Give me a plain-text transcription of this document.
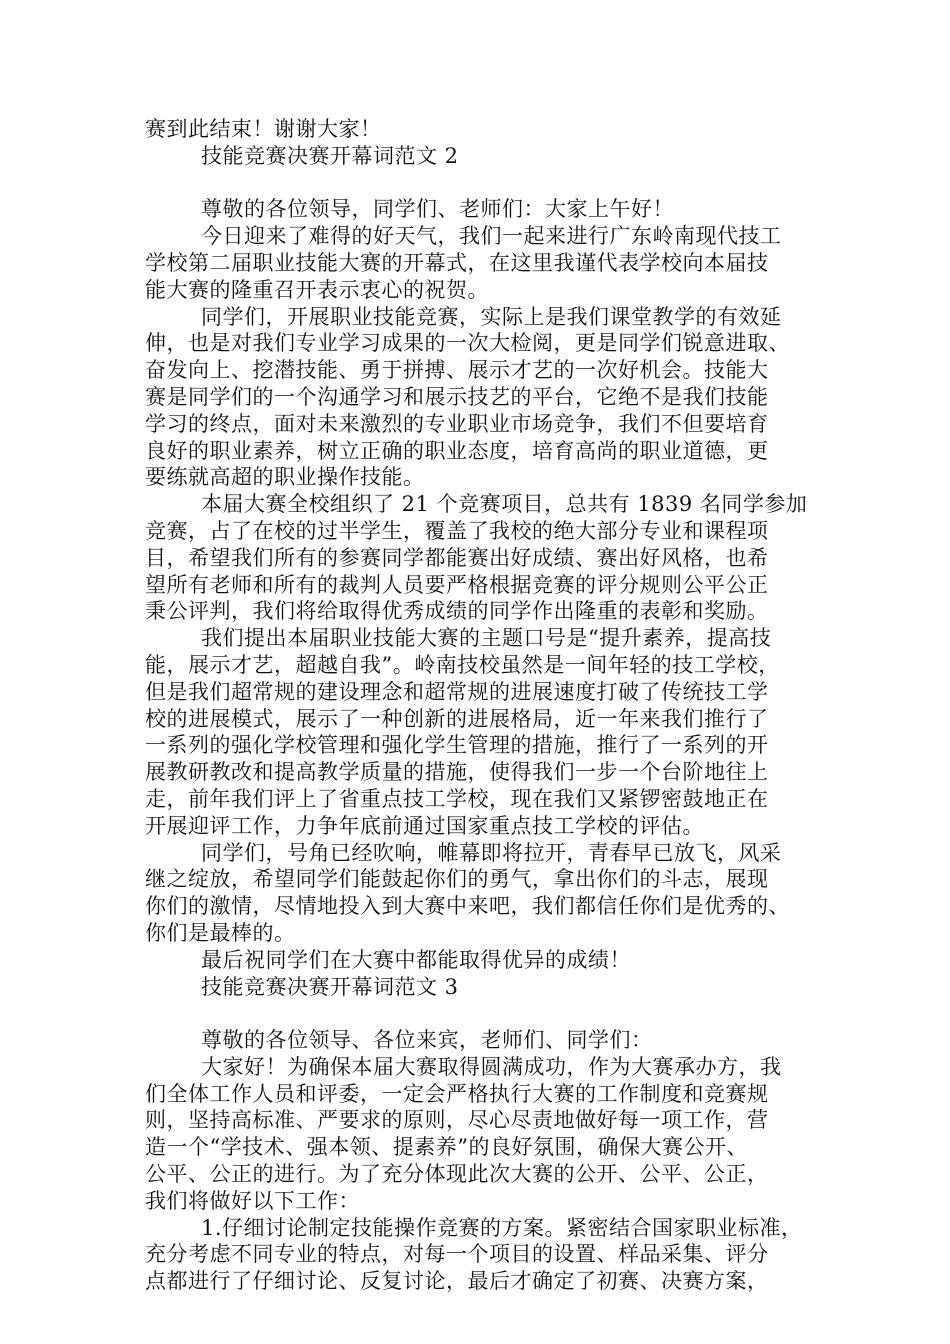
赛到此结束！谢谢大家！
技能竞赛决赛开幕词范文 2
尊敬的各位领导，同学们、老师们：大家上午好！
今日迎来了难得的好天气，我们一起来进行广东岭南现代技工
学校第二届职业技能大赛的开幕式，在这里我谨代表学校向本届技
能大赛的隆重召开表示衷心的祝贺。
同学们，开展职业技能竞赛，实际上是我们课堂教学的有效延
伸，也是对我们专业学习成果的一次大检阅，更是同学们锐意进取、
奋发向上、挖潜技能、勇于拼搏、展示才艺的一次好机会。技能大
赛是同学们的一个沟通学习和展示技艺的平台，它绝不是我们技能
学习的终点，面对未来激烈的专业职业市场竞争，我们不但要培育
良好的职业素养，树立正确的职业态度，培育高尚的职业道德，更
要练就高超的职业操作技能。
本届大赛全校组织了 21 个竞赛项目，总共有 1839 名同学参加
竞赛，占了在校的过半学生，覆盖了我校的绝大部分专业和课程项
目，希望我们所有的参赛同学都能赛出好成绩、赛出好风格，也希
望所有老师和所有的裁判人员要严格根据竞赛的评分规则公平公正
秉公评判，我们将给取得优秀成绩的同学作出隆重的表彰和奖励。
我们提出本届职业技能大赛的主题口号是“提升素养，提高技
能，展示才艺，超越自我”。岭南技校虽然是一间年轻的技工学校，
但是我们超常规的建设理念和超常规的进展速度打破了传统技工学
校的进展模式，展示了一种创新的进展格局，近一年来我们推行了
一系列的强化学校管理和强化学生管理的措施，推行了一系列的开
展教研教改和提高教学质量的措施，使得我们一步一个台阶地往上
走，前年我们评上了省重点技工学校，现在我们又紧锣密鼓地正在
开展迎评工作，力争年底前通过国家重点技工学校的评估。
同学们，号角已经吹响，帷幕即将拉开，青春早已放飞，风采
继之绽放，希望同学们能鼓起你们的勇气，拿出你们的斗志，展现
你们的激情，尽情地投入到大赛中来吧，我们都信任你们是优秀的、
你们是最棒的。
最后祝同学们在大赛中都能取得优异的成绩！
技能竞赛决赛开幕词范文 3
尊敬的各位领导、各位来宾，老师们、同学们：
大家好！为确保本届大赛取得圆满成功，作为大赛承办方，我
们全体工作人员和评委，一定会严格执行大赛的工作制度和竞赛规
则，坚持高标准、严要求的原则，尽心尽责地做好每一项工作，营
造一个“学技术、强本领、提素养”的良好氛围，确保大赛公开、
公平、公正的进行。为了充分体现此次大赛的公开、公平、公正，
我们将做好以下工作：
1.仔细讨论制定技能操作竞赛的方案。紧密结合国家职业标准，
充分考虑不同专业的特点，对每一个项目的设置、样品采集、评分
点都进行了仔细讨论、反复讨论，最后才确定了初赛、决赛方案，
